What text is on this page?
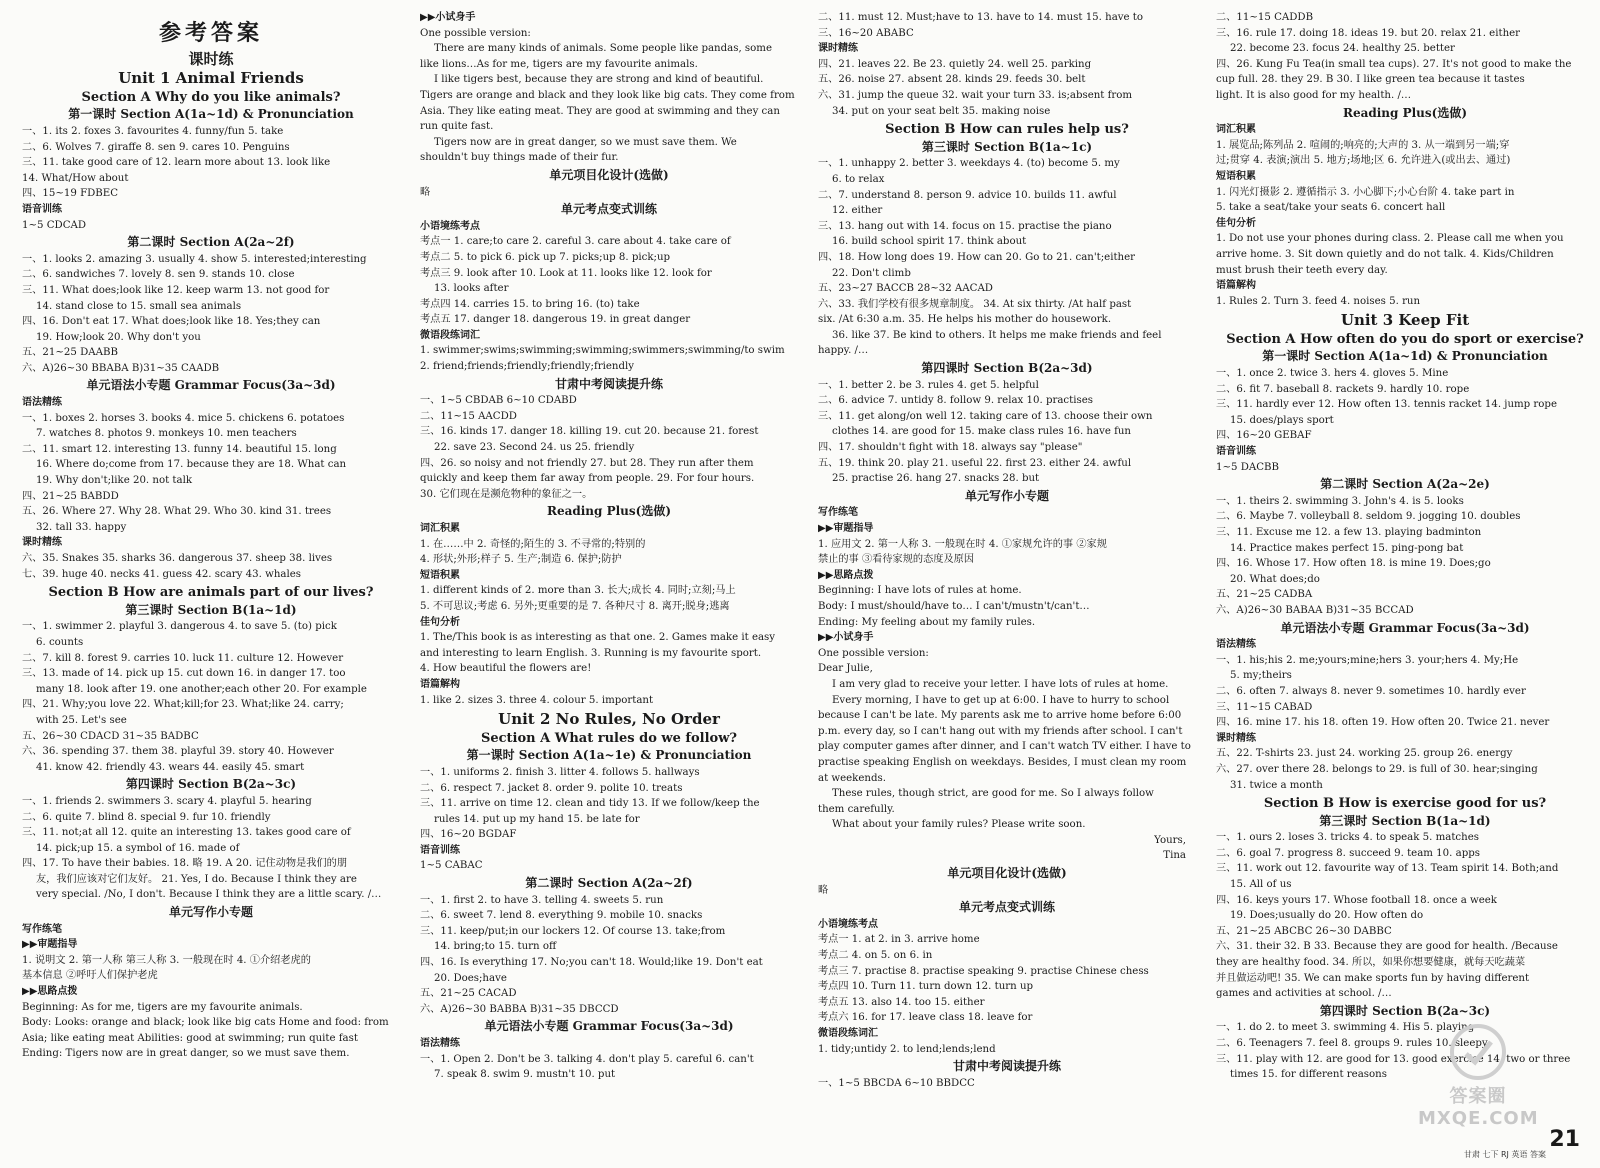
参考答案
课时练
Unit 1 Animal Friends
Section A Why do you like animals?
第一课时 Section A(1a~1d) & Pronunciation
一、1. its 2. foxes 3. favourites 4. funny/fun 5. take
二、6. Wolves 7. giraffe 8. sen 9. cares 10. Penguins
三、11. take good care of 12. learn more about 13. look like
14. What/How about
四、15~19 FDBEC
语音训练
1~5 CDCAD
第二课时 Section A(2a~2f)
一、1. looks 2. amazing 3. usually 4. show 5. interested;interesting
二、6. sandwiches 7. lovely 8. sen 9. stands 10. close
三、11. What does;look like 12. keep warm 13. not good for
14. stand close to 15. small sea animals
四、16. Don't eat 17. What does;look like 18. Yes;they can
19. How;look 20. Why don't you
五、21~25 DAABB
六、A)26~30 BBABA B)31~35 CAADB
单元语法小专题 Grammar Focus(3a~3d)
语法精练
一、1. boxes 2. horses 3. books 4. mice 5. chickens 6. potatoes
7. watches 8. photos 9. monkeys 10. men teachers
二、11. smart 12. interesting 13. funny 14. beautiful 15. long
16. Where do;come from 17. because they are 18. What can
19. Why don't;like 20. not talk
四、21~25 BABDD
五、26. Where 27. Why 28. What 29. Who 30. kind 31. trees
32. tall 33. happy
课时精练
六、35. Snakes 35. sharks 36. dangerous 37. sheep 38. lives
七、39. huge 40. necks 41. guess 42. scary 43. whales
Section B How are animals part of our lives?
第三课时 Section B(1a~1d)
一、1. swimmer 2. playful 3. dangerous 4. to save 5. (to) pick
6. counts
二、7. kill 8. forest 9. carries 10. luck 11. culture 12. However
三、13. made of 14. pick up 15. cut down 16. in danger 17. too
many 18. look after 19. one another;each other 20. For example
四、21. Why;you love 22. What;kill;for 23. What;like 24. carry;
with 25. Let's see
五、26~30 CDACD 31~35 BADBC
六、36. spending 37. them 38. playful 39. story 40. However
41. know 42. friendly 43. wears 44. easily 45. smart
第四课时 Section B(2a~3c)
一、1. friends 2. swimmers 3. scary 4. playful 5. hearing
二、6. quite 7. blind 8. special 9. fur 10. friendly
三、11. not;at all 12. quite an interesting 13. takes good care of
14. pick;up 15. a symbol of 16. made of
四、17. To have their babies. 18. 略 19. A 20. 记住动物是我们的朋
友，我们应该对它们友好。 21. Yes, I do. Because I think they are
very special. /No, I don't. Because I think they are a little scary. /…
单元写作小专题
写作练笔
▶▶审题指导
1. 说明文 2. 第一人称 第三人称 3. 一般现在时 4. ①介绍老虎的
基本信息 ②呼吁人们保护老虎
▶▶思路点拨
Beginning: As for me, tigers are my favourite animals.
Body: Looks: orange and black; look like big cats Home and food: from
Asia; like eating meat Abilities: good at swimming; run quite fast
Ending: Tigers now are in great danger, so we must save them.
▶▶小试身手
One possible version:
There are many kinds of animals. Some people like pandas, some
like lions…As for me, tigers are my favourite animals.
I like tigers best, because they are strong and kind of beautiful.
Tigers are orange and black and they look like big cats. They come from
Asia. They like eating meat. They are good at swimming and they can
run quite fast.
Tigers now are in great danger, so we must save them. We
shouldn't buy things made of their fur.
单元项目化设计(选做)
略
单元考点变式训练
小语境练考点
考点一 1. care;to care 2. careful 3. care about 4. take care of
考点二 5. to pick 6. pick up 7. picks;up 8. pick;up
考点三 9. look after 10. Look at 11. looks like 12. look for
13. looks after
考点四 14. carries 15. to bring 16. (to) take
考点五 17. danger 18. dangerous 19. in great danger
微语段练词汇
1. swimmer;swims;swimming;swimming;swimmers;swimming/to swim
2. friend;friends;friendly;friendly;friendly
甘肃中考阅读提升练
一、1~5 CBDAB 6~10 CDABD
二、11~15 AACDD
三、16. kinds 17. danger 18. killing 19. cut 20. because 21. forest
22. save 23. Second 24. us 25. friendly
四、26. so noisy and not friendly 27. but 28. They run after them
quickly and keep them far away from people. 29. For four hours.
30. 它们现在是濒危物种的象征之一。
Reading Plus(选做)
词汇积累
1. 在……中 2. 奇怪的;陌生的 3. 不寻常的;特别的
4. 形状;外形;样子 5. 生产;制造 6. 保护;防护
短语积累
1. different kinds of 2. more than 3. 长大;成长 4. 同时;立刻;马上
5. 不可思议;考虑 6. 另外;更重要的是 7. 各种尺寸 8. 离开;脱身;逃离
佳句分析
1. The/This book is as interesting as that one. 2. Games make it easy
and interesting to learn English. 3. Running is my favourite sport.
4. How beautiful the flowers are!
语篇解构
1. like 2. sizes 3. three 4. colour 5. important
Unit 2 No Rules, No Order
Section A What rules do we follow?
第一课时 Section A(1a~1e) & Pronunciation
一、1. uniforms 2. finish 3. litter 4. follows 5. hallways
二、6. respect 7. jacket 8. order 9. polite 10. treats
三、11. arrive on time 12. clean and tidy 13. If we follow/keep the
rules 14. put up my hand 15. be late for
四、16~20 BGDAF
语音训练
1~5 CABAC
第二课时 Section A(2a~2f)
一、1. first 2. to have 3. telling 4. sweets 5. run
二、6. sweet 7. lend 8. everything 9. mobile 10. snacks
三、11. keep/put;in our lockers 12. Of course 13. take;from
14. bring;to 15. turn off
四、16. Is everything 17. No;you can't 18. Would;like 19. Don't eat
20. Does;have
五、21~25 CACAD
六、A)26~30 BABBA B)31~35 DBCCD
单元语法小专题 Grammar Focus(3a~3d)
语法精练
一、1. Open 2. Don't be 3. talking 4. don't play 5. careful 6. can't
7. speak 8. swim 9. mustn't 10. put
二、11. must 12. Must;have to 13. have to 14. must 15. have to
三、16~20 ABABC
课时精练
四、21. leaves 22. Be 23. quietly 24. well 25. parking
五、26. noise 27. absent 28. kinds 29. feeds 30. belt
六、31. jump the queue 32. wait your turn 33. is;absent from
34. put on your seat belt 35. making noise
Section B How can rules help us?
第三课时 Section B(1a~1c)
一、1. unhappy 2. better 3. weekdays 4. (to) become 5. my
6. to relax
二、7. understand 8. person 9. advice 10. builds 11. awful
12. either
三、13. hang out with 14. focus on 15. practise the piano
16. build school spirit 17. think about
四、18. How long does 19. How can 20. Go to 21. can't;either
22. Don't climb
五、23~27 BACCB 28~32 AACAD
六、33. 我们学校有很多规章制度。 34. At six thirty. /At half past
six. /At 6:30 a.m. 35. He helps his mother do housework.
36. like 37. Be kind to others. It helps me make friends and feel
happy. /…
第四课时 Section B(2a~3d)
一、1. better 2. be 3. rules 4. get 5. helpful
二、6. advice 7. untidy 8. follow 9. relax 10. practises
三、11. get along/on well 12. taking care of 13. choose their own
clothes 14. are good for 15. make class rules 16. have fun
四、17. shouldn't fight with 18. always say "please"
五、19. think 20. play 21. useful 22. first 23. either 24. awful
25. practise 26. hang 27. snacks 28. but
单元写作小专题
写作练笔
▶▶审题指导
1. 应用文 2. 第一人称 3. 一般现在时 4. ①家规允许的事 ②家规
禁止的事 ③看待家规的态度及原因
▶▶思路点拨
Beginning: I have lots of rules at home.
Body: I must/should/have to… I can't/mustn't/can't…
Ending: My feeling about my family rules.
▶▶小试身手
One possible version:
Dear Julie,
I am very glad to receive your letter. I have lots of rules at home.
Every morning, I have to get up at 6:00. I have to hurry to school
because I can't be late. My parents ask me to arrive home before 6:00
p.m. every day, so I can't hang out with my friends after school. I can't
play computer games after dinner, and I can't watch TV either. I have to
practise speaking English on weekdays. Besides, I must clean my room
at weekends.
These rules, though strict, are good for me. So I always follow
them carefully.
What about your family rules? Please write soon.
Yours,
Tina
单元项目化设计(选做)
略
单元考点变式训练
小语境练考点
考点一 1. at 2. in 3. arrive home
考点二 4. on 5. on 6. in
考点三 7. practise 8. practise speaking 9. practise Chinese chess
考点四 10. Turn 11. turn down 12. turn up
考点五 13. also 14. too 15. either
考点六 16. for 17. leave class 18. leave for
微语段练词汇
1. tidy;untidy 2. to lend;lends;lend
甘肃中考阅读提升练
一、1~5 BBCDA 6~10 BBDCC
二、11~15 CADDB
三、16. rule 17. doing 18. ideas 19. but 20. relax 21. either
22. become 23. focus 24. healthy 25. better
四、26. Kung Fu Tea(in small tea cups). 27. It's not good to make the
cup full. 28. they 29. B 30. I like green tea because it tastes
light. It is also good for my health. /…
Reading Plus(选做)
词汇积累
1. 展览品;陈列品 2. 喧闹的;响亮的;大声的 3. 从一端到另一端;穿
过;贯穿 4. 表演;演出 5. 地方;场地;区 6. 允许进入(或出去、通过)
短语积累
1. 闪光灯摄影 2. 遵循指示 3. 小心脚下;小心台阶 4. take part in
5. take a seat/take your seats 6. concert hall
佳句分析
1. Do not use your phones during class. 2. Please call me when you
arrive home. 3. Sit down quietly and do not talk. 4. Kids/Children
must brush their teeth every day.
语篇解构
1. Rules 2. Turn 3. feed 4. noises 5. run
Unit 3 Keep Fit
Section A How often do you do sport or exercise?
第一课时 Section A(1a~1d) & Pronunciation
一、1. once 2. twice 3. hers 4. gloves 5. Mine
二、6. fit 7. baseball 8. rackets 9. hardly 10. rope
三、11. hardly ever 12. How often 13. tennis racket 14. jump rope
15. does/plays sport
四、16~20 GEBAF
语音训练
1~5 DACBB
第二课时 Section A(2a~2e)
一、1. theirs 2. swimming 3. John's 4. is 5. looks
二、6. Maybe 7. volleyball 8. seldom 9. jogging 10. doubles
三、11. Excuse me 12. a few 13. playing badminton
14. Practice makes perfect 15. ping-pong bat
四、16. Whose 17. How often 18. is mine 19. Does;go
20. What does;do
五、21~25 CADBA
六、A)26~30 BABAA B)31~35 BCCAD
单元语法小专题 Grammar Focus(3a~3d)
语法精练
一、1. his;his 2. me;yours;mine;hers 3. your;hers 4. My;He
5. my;theirs
二、6. often 7. always 8. never 9. sometimes 10. hardly ever
三、11~15 CABAD
四、16. mine 17. his 18. often 19. How often 20. Twice 21. never
课时精练
五、22. T-shirts 23. just 24. working 25. group 26. energy
六、27. over there 28. belongs to 29. is full of 30. hear;singing
31. twice a month
Section B How is exercise good for us?
第三课时 Section B(1a~1d)
一、1. ours 2. loses 3. tricks 4. to speak 5. matches
二、6. goal 7. progress 8. succeed 9. team 10. apps
三、11. work out 12. favourite way of 13. Team spirit 14. Both;and
15. All of us
四、16. keys yours 17. Whose football 18. once a week
19. Does;usually do 20. How often do
五、21~25 ABCBC 26~30 DABBC
六、31. their 32. B 33. Because they are good for health. /Because
they are healthy food. 34. 所以，如果你想要健康，就每天吃蔬菜
并且做运动吧! 35. We can make sports fun by having different
games and activities at school. /…
第四课时 Section B(2a~3c)
一、1. do 2. to meet 3. swimming 4. His 5. playing
二、6. Teenagers 7. feel 8. groups 9. rules 10. sleepy
三、11. play with 12. are good for 13. good exercise 14. two or three
times 15. for different reasons
答案圈
MXQE.COM
甘肃 七下 RJ 英语 答案
21
